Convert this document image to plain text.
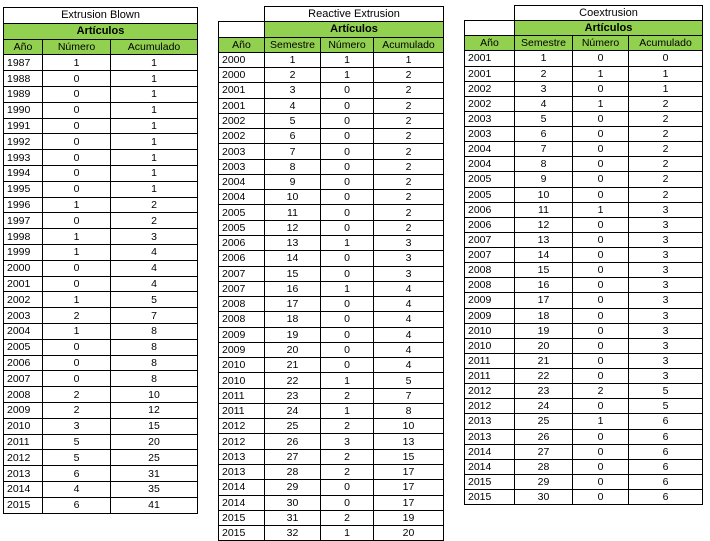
Extrusion Blown		
Artículos		
Año	Número	Acumulado
1987	1	1
1988	0	1
1989	0	1
1990	0	1
1991	0	1
1992	0	1
1993	0	1
1994	0	1
1995	0	1
1996	1	2
1997	0	2
1998	1	3
1999	1	4
2000	0	4
2001	0	4
2002	1	5
2003	2	7
2004	1	8
2005	0	8
2006	0	8
2007	0	8
2008	2	10
2009	2	12
2010	3	15
2011	5	20
2012	5	25
2013	6	31
2014	4	35
2015	6	41
	Reactive Extrusion		
	Artículos		
Año	Semestre	Número	Acumulado
2000	1	1	1
2000	2	1	2
2001	3	0	2
2001	4	0	2
2002	5	0	2
2002	6	0	2
2003	7	0	2
2003	8	0	2
2004	9	0	2
2004	10	0	2
2005	11	0	2
2005	12	0	2
2006	13	1	3
2006	14	0	3
2007	15	0	3
2007	16	1	4
2008	17	0	4
2008	18	0	4
2009	19	0	4
2009	20	0	4
2010	21	0	4
2010	22	1	5
2011	23	2	7
2011	24	1	8
2012	25	2	10
2012	26	3	13
2013	27	2	15
2013	28	2	17
2014	29	0	17
2014	30	0	17
2015	31	2	19
2015	32	1	20
	Coextrusion		
	Artículos		
Año	Semestre	Número	Acumulado
2001	1	0	0
2001	2	1	1
2002	3	0	1
2002	4	1	2
2003	5	0	2
2003	6	0	2
2004	7	0	2
2004	8	0	2
2005	9	0	2
2005	10	0	2
2006	11	1	3
2006	12	0	3
2007	13	0	3
2007	14	0	3
2008	15	0	3
2008	16	0	3
2009	17	0	3
2009	18	0	3
2010	19	0	3
2010	20	0	3
2011	21	0	3
2011	22	0	3
2012	23	2	5
2012	24	0	5
2013	25	1	6
2013	26	0	6
2014	27	0	6
2014	28	0	6
2015	29	0	6
2015	30	0	6
